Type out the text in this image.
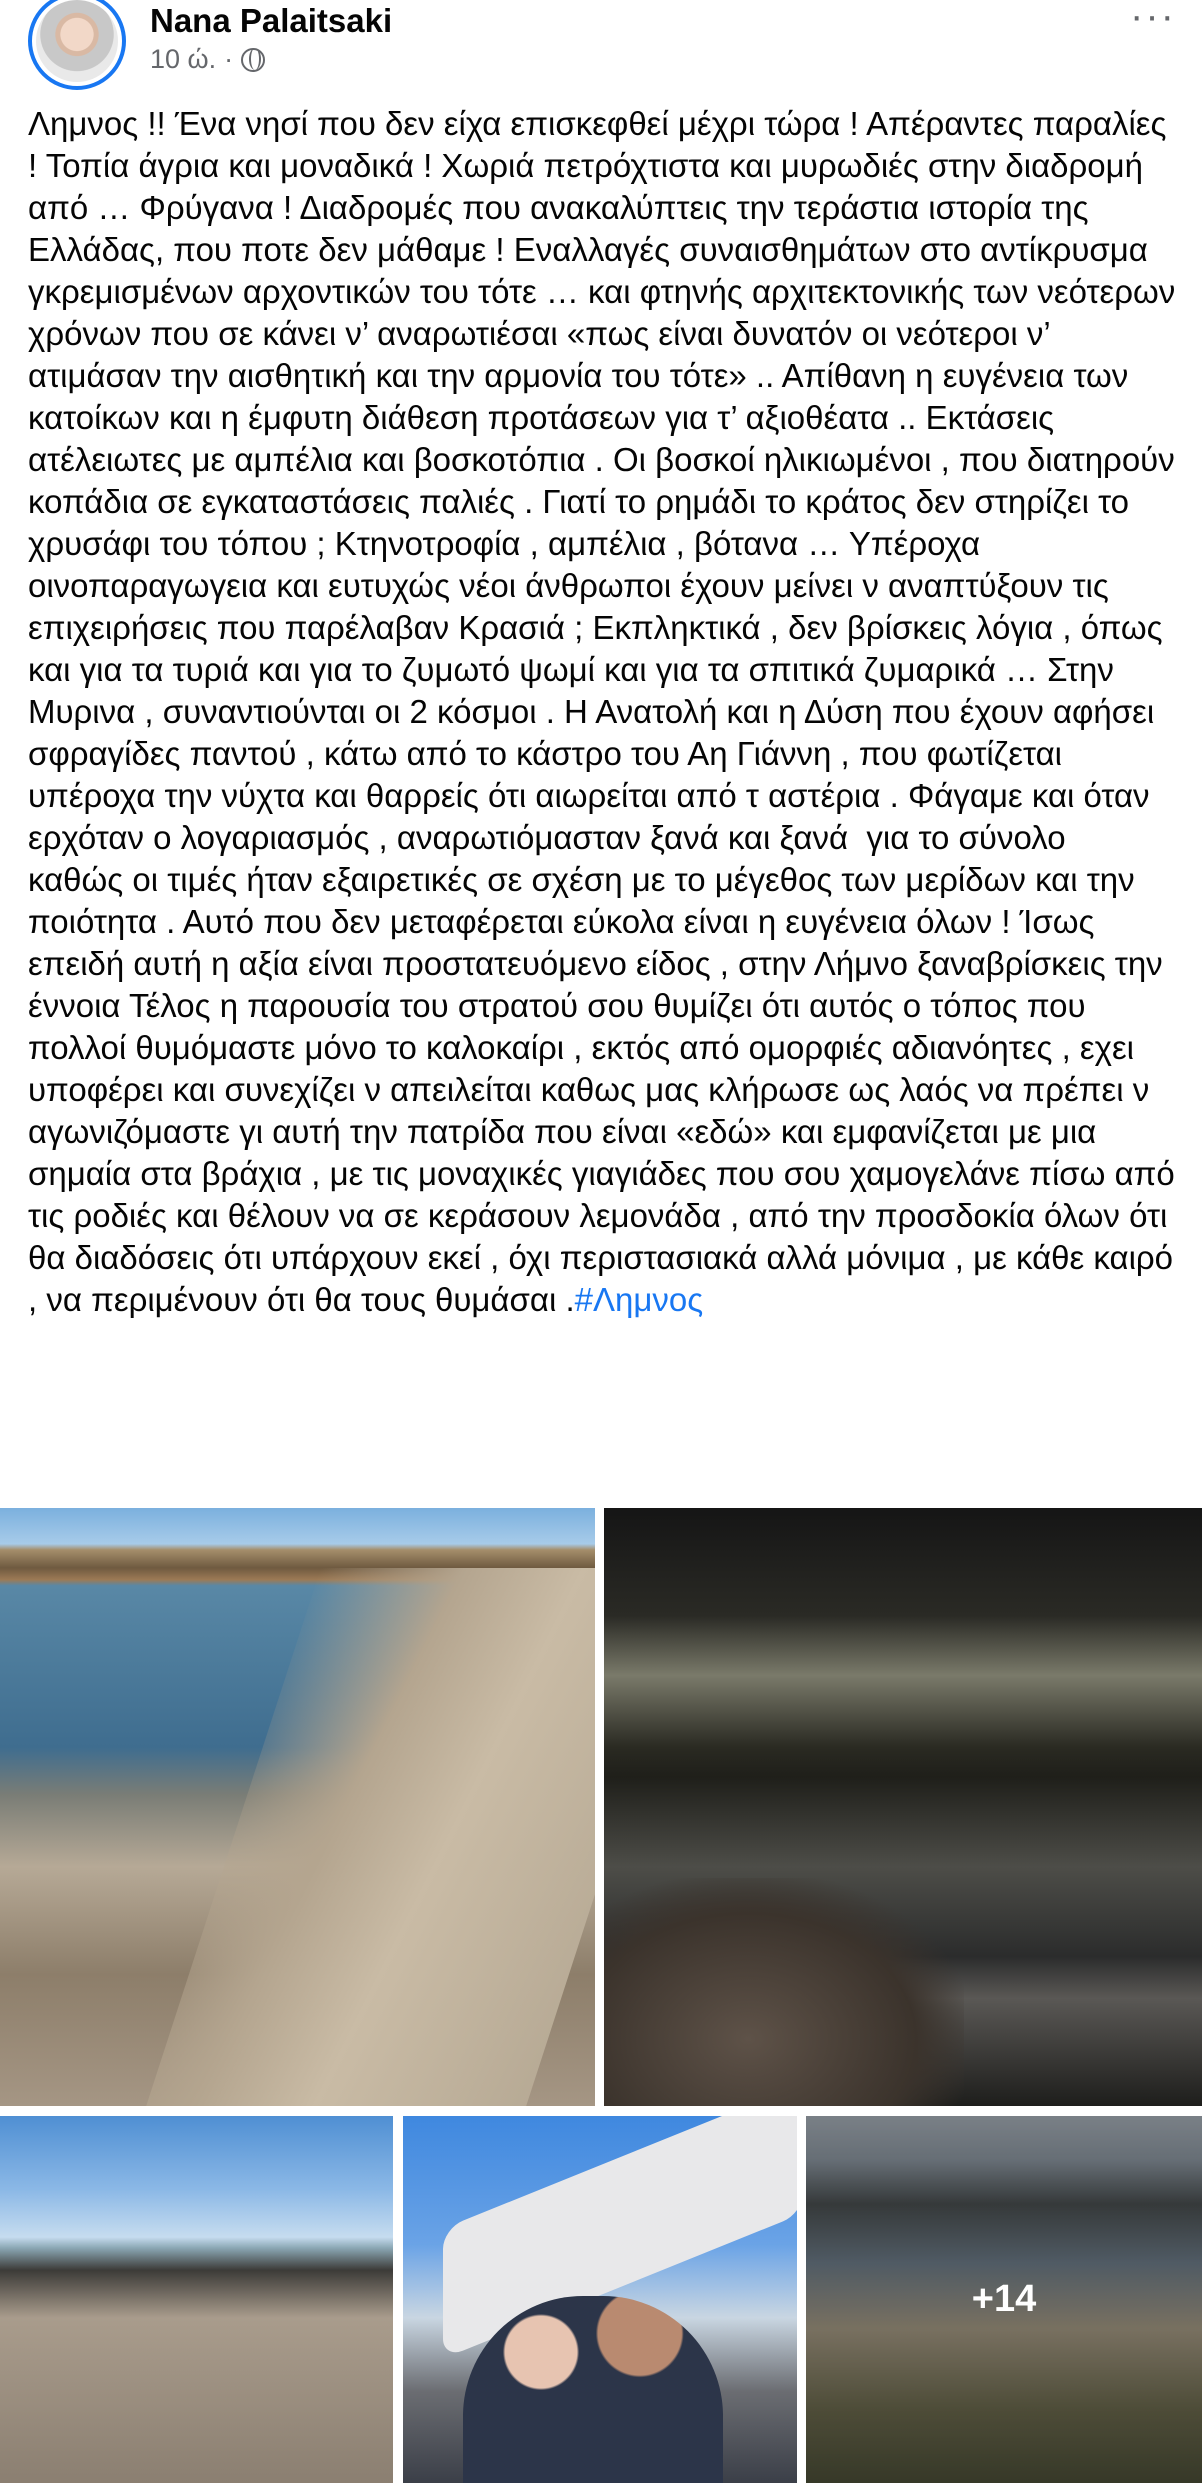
Nana Palaitsaki
10 ώ. ·
···
Λημνος !! Ένα νησί που δεν είχα επισκεφθεί μέχρι τώρα ! Απέραντες παραλίες ! Τοπία άγρια και μοναδικά ! Χωριά πετρόχτιστα και μυρωδιές στην διαδρομή από … Φρύγανα ! Διαδρομές που ανακαλύπτεις την τεράστια ιστορία της Ελλάδας, που ποτε δεν μάθαμε ! Εναλλαγές συναισθημάτων στο αντίκρυσμα γκρεμισμένων αρχοντικών του τότε … και φτηνής αρχιτεκτονικής των νεότερων χρόνων που σε κάνει ν’ αναρωτιέσαι «πως είναι δυνατόν οι νεότεροι ν’ ατιμάσαν την αισθητική και την αρμονία του τότε» .. Απίθανη η ευγένεια των κατοίκων και η έμφυτη διάθεση προτάσεων για τ’ αξιοθέατα .. Εκτάσεις ατέλειωτες με αμπέλια και βοσκοτόπια . Οι βοσκοί ηλικιωμένοι , που διατηρούν κοπάδια σε εγκαταστάσεις παλιές . Γιατί το ρημάδι το κράτος δεν στηρίζει το χρυσάφι του τόπου ; Κτηνοτροφία , αμπέλια , βότανα … Υπέροχα οινοπαραγωγεια και ευτυχώς νέοι άνθρωποι έχουν μείνει ν αναπτύξουν τις επιχειρήσεις που παρέλαβαν Κρασιά ; Εκπληκτικά , δεν βρίσκεις λόγια , όπως και για τα τυριά και για το ζυμωτό ψωμί και για τα σπιτικά ζυμαρικά … Στην Μυρινα , συναντιούνται οι 2 κόσμοι . Η Ανατολή και η Δύση που έχουν αφήσει σφραγίδες παντού , κάτω από το κάστρο του Αη Γιάννη , που φωτίζεται υπέροχα την νύχτα και θαρρείς ότι αιωρείται από τ αστέρια . Φάγαμε και όταν ερχόταν ο λογαριασμός , αναρωτιόμασταν ξανά και ξανά  για το σύνολο  καθώς οι τιμές ήταν εξαιρετικές σε σχέση με το μέγεθος των μερίδων και την ποιότητα . Αυτό που δεν μεταφέρεται εύκολα είναι η ευγένεια όλων ! Ίσως επειδή αυτή η αξία είναι προστατευόμενο είδος , στην Λήμνο ξαναβρίσκεις την έννοια Τέλος η παρουσία του στρατού σου θυμίζει ότι αυτός ο τόπος που πολλοί θυμόμαστε μόνο το καλοκαίρι , εκτός από ομορφιές αδιανόητες , εχει υποφέρει και συνεχίζει ν απειλείται καθως μας κλήρωσε ως λαός να πρέπει ν αγωνιζόμαστε γι αυτή την πατρίδα που είναι «εδώ» και εμφανίζεται με μια σημαία στα βράχια , με τις μοναχικές γιαγιάδες που σου χαμογελάνε πίσω από τις ροδιές και θέλουν να σε κεράσουν λεμονάδα , από την προσδοκία όλων ότι θα διαδόσεις ότι υπάρχουν εκεί , όχι περιστασιακά αλλά μόνιμα , με κάθε καιρό , να περιμένουν ότι θα τους θυμάσαι .#Λημνος
+14
